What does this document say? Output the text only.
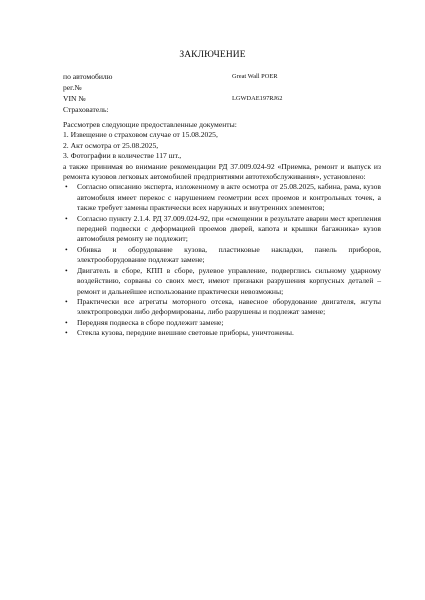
ЗАКЛЮЧЕНИЕ
по автомобилю	Great Wall POER
рег.№
VIN №	LGWDAE197RJ62
Страхователь:

Рассмотрев следующие предоставленные документы:

1. Извещение о страховом случае от 15.08.2025,
2. Акт осмотра от 25.08.2025,
3. Фотографии в количестве 117 шт.,

а также принимая во внимание рекомендации РД 37.009.024-92 «Приемка, ремонт и выпуск из ремонта кузовов легковых автомобилей предприятиями автотехобслуживания», установлено:

• Согласно описанию эксперта, изложенному в акте осмотра от 25.08.2025, кабина, рама, кузов автомобиля имеет перекос с нарушением геометрии всех проемов и контрольных точек, а также требует замены практически всех наружных и внутренних элементов;
• Согласно пункту 2.1.4. РД 37.009.024-92, при «смещении в результате аварии мест крепления передней подвески с деформацией проемов дверей, капота и крышки багажника» кузов автомобиля ремонту не подлежит;
• Обивка и оборудование кузова, пластиковые накладки, панель приборов, электрооборудование подлежат замене;
• Двигатель в сборе, КПП в сборе, рулевое управление, подверглись сильному ударному воздействию, сорваны со своих мест, имеют признаки разрушения корпусных деталей – ремонт и дальнейшее использование практически невозможны;
• Практически все агрегаты моторного отсека, навесное оборудование двигателя, жгуты электропроводки либо деформированы, либо разрушены и подлежат замене;
• Передняя подвеска в сборе подлежит замене;
• Стекла кузова, передние внешние световые приборы, уничтожены.
